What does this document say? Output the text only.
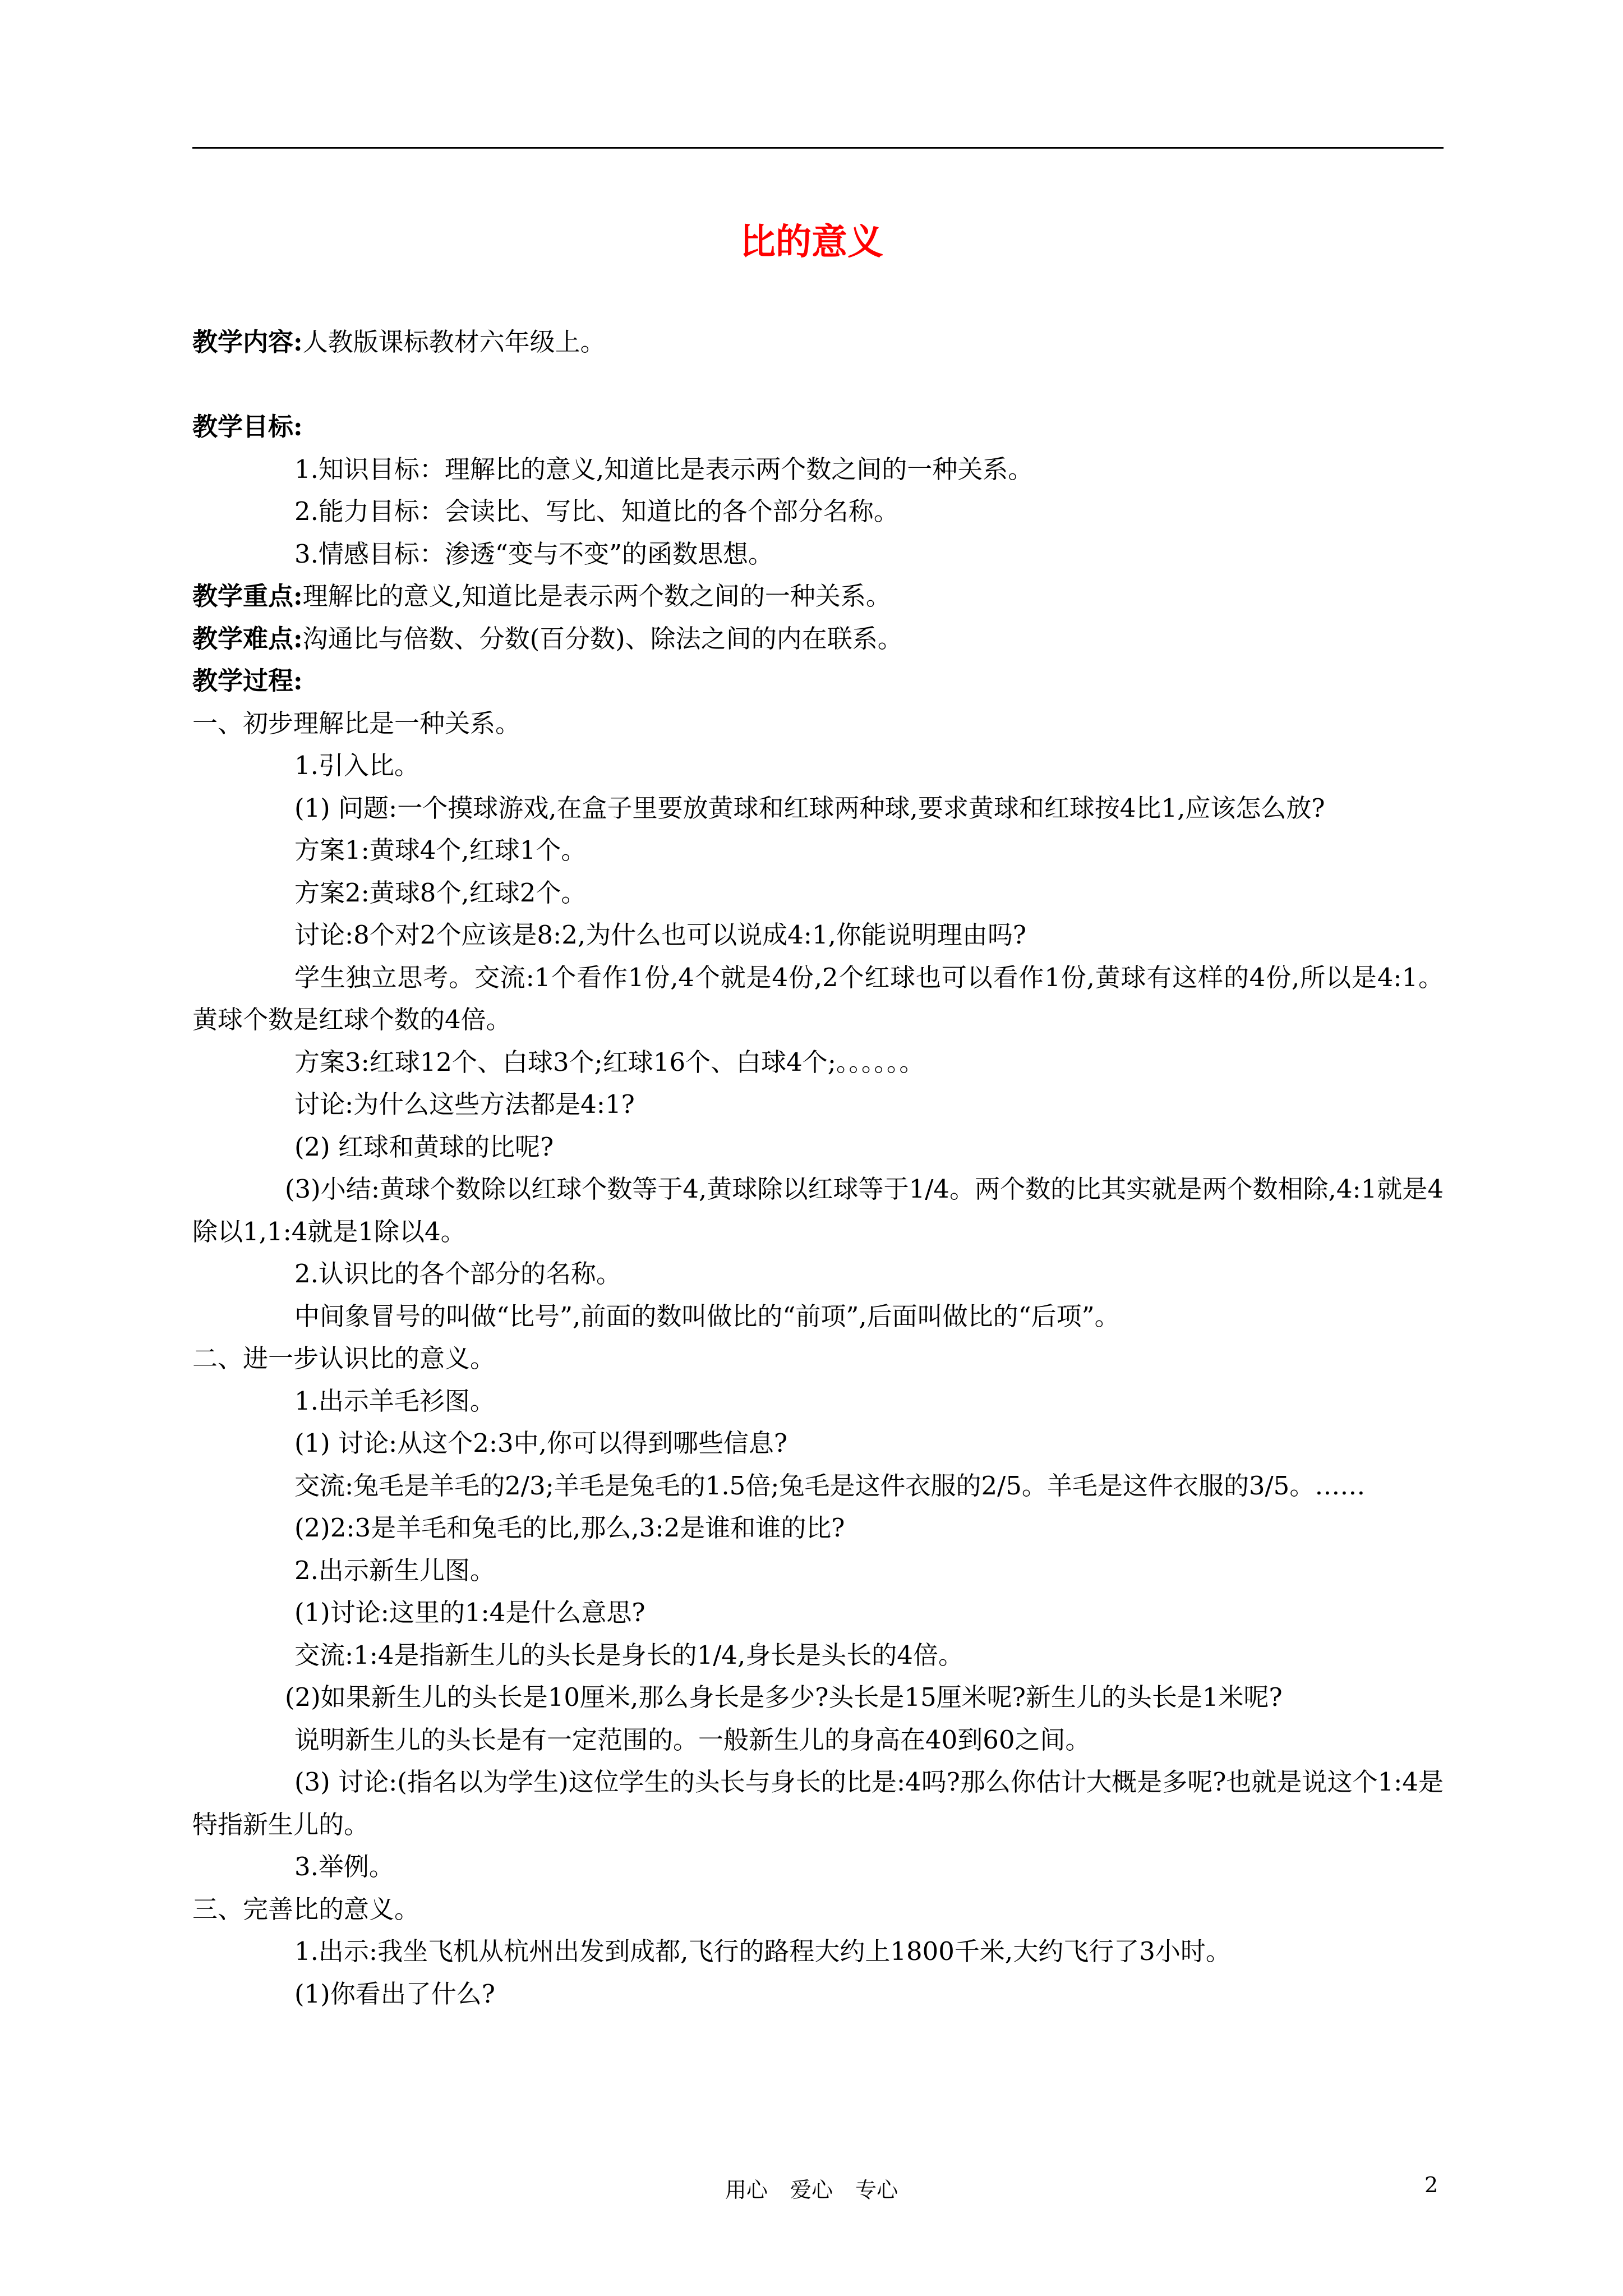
比的意义
教学内容:人教版课标教材六年级上。
教学目标:
1.知识目标：理解比的意义,知道比是表示两个数之间的一种关系。
2.能力目标：会读比、写比、知道比的各个部分名称。
3.情感目标：渗透“变与不变”的函数思想。
教学重点:理解比的意义,知道比是表示两个数之间的一种关系。
教学难点:沟通比与倍数、分数(百分数)、除法之间的内在联系。
教学过程:
一、初步理解比是一种关系。
1.引入比。
(1) 问题:一个摸球游戏,在盒子里要放黄球和红球两种球,要求黄球和红球按4比1,应该怎么放?
方案1:黄球4个,红球1个。
方案2:黄球8个,红球2个。
讨论:8个对2个应该是8:2,为什么也可以说成4:1,你能说明理由吗?
学生独立思考。交流:1个看作1份,4个就是4份,2个红球也可以看作1份,黄球有这样的4份,所以是4:1。黄球个数是红球个数的4倍。
方案3:红球12个、白球3个;红球16个、白球4个;。。。。。。
讨论:为什么这些方法都是4:1?
(2) 红球和黄球的比呢?
(3)小结:黄球个数除以红球个数等于4,黄球除以红球等于1/4。两个数的比其实就是两个数相除,4:1就是4除以1,1:4就是1除以4。
2.认识比的各个部分的名称。
中间象冒号的叫做“比号”,前面的数叫做比的“前项”,后面叫做比的“后项”。
二、进一步认识比的意义。
1.出示羊毛衫图。
(1) 讨论:从这个2:3中,你可以得到哪些信息?
交流:兔毛是羊毛的2/3;羊毛是兔毛的1.5倍;兔毛是这件衣服的2/5。羊毛是这件衣服的3/5。……
(2)2:3是羊毛和兔毛的比,那么,3:2是谁和谁的比?
2.出示新生儿图。
(1)讨论:这里的1:4是什么意思?
交流:1:4是指新生儿的头长是身长的1/4,身长是头长的4倍。
(2)如果新生儿的头长是10厘米,那么身长是多少?头长是15厘米呢?新生儿的头长是1米呢?
说明新生儿的头长是有一定范围的。一般新生儿的身高在40到60之间。
(3) 讨论:(指名以为学生)这位学生的头长与身长的比是:4吗?那么你估计大概是多呢?也就是说这个1:4是特指新生儿的。
3.举例。
三、完善比的意义。
1.出示:我坐飞机从杭州出发到成都,飞行的路程大约上1800千米,大约飞行了3小时。
(1)你看出了什么?
用心 爱心 专心	2
